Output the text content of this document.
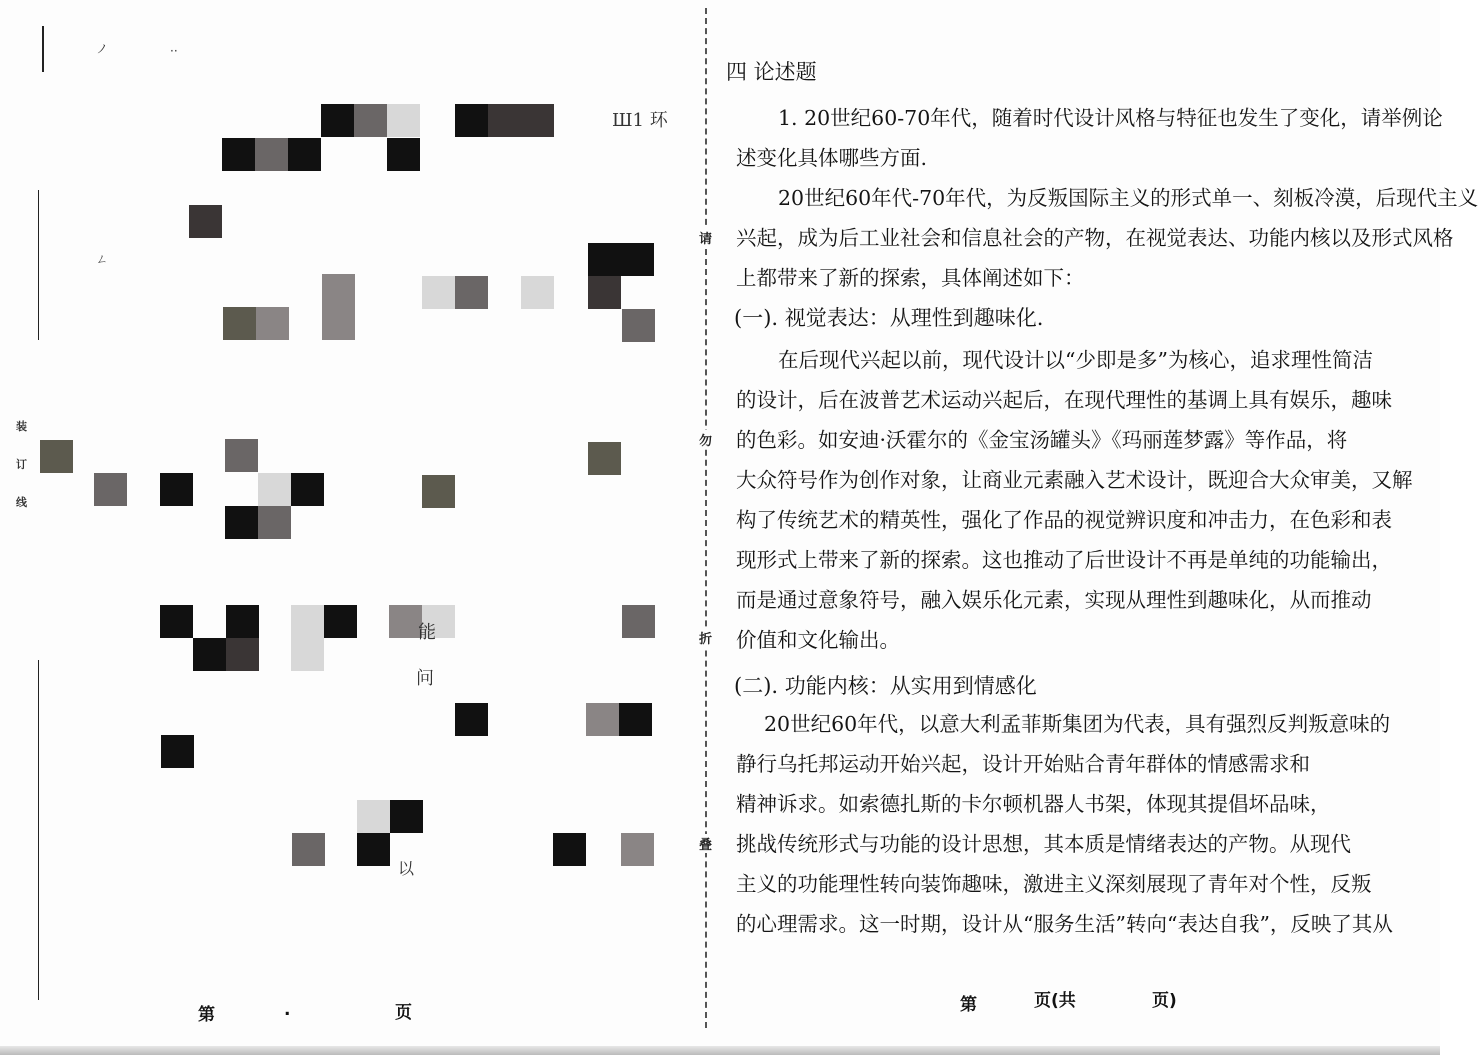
装
订
线
ノ	··
ㄥ
Ш1 环
能
问
以
第	.	页
请
勿
折
叠
四 论述题
1. 20世纪60-70年代，随着时代设计风格与特征也发生了变化，请举例论
述变化具体哪些方面.
20世纪60年代-70年代，为反叛国际主义的形式单一、刻板冷漠，后现代主义
兴起，成为后工业社会和信息社会的产物，在视觉表达、功能内核以及形式风格
上都带来了新的探索，具体阐述如下：
(一). 视觉表达：从理性到趣味化.
在后现代兴起以前，现代设计以“少即是多”为核心，追求理性简洁
的设计，后在波普艺术运动兴起后，在现代理性的基调上具有娱乐，趣味
的色彩。如安迪·沃霍尔的《金宝汤罐头》《玛丽莲梦露》等作品，将
大众符号作为创作对象，让商业元素融入艺术设计，既迎合大众审美，又解
构了传统艺术的精英性，强化了作品的视觉辨识度和冲击力，在色彩和表
现形式上带来了新的探索。这也推动了后世设计不再是单纯的功能输出，
而是通过意象符号，融入娱乐化元素，实现从理性到趣味化，从而推动
价值和文化输出。
(二). 功能内核：从实用到情感化
20世纪60年代，以意大利孟菲斯集团为代表，具有强烈反判叛意味的
静行乌托邦运动开始兴起，设计开始贴合青年群体的情感需求和
精神诉求。如索德扎斯的卡尔顿机器人书架，体现其提倡坏品味，
挑战传统形式与功能的设计思想，其本质是情绪表达的产物。从现代
主义的功能理性转向装饰趣味，激进主义深刻展现了青年对个性，反叛
的心理需求。这一时期，设计从“服务生活”转向“表达自我”，反映了其从
第	页(共	页)
